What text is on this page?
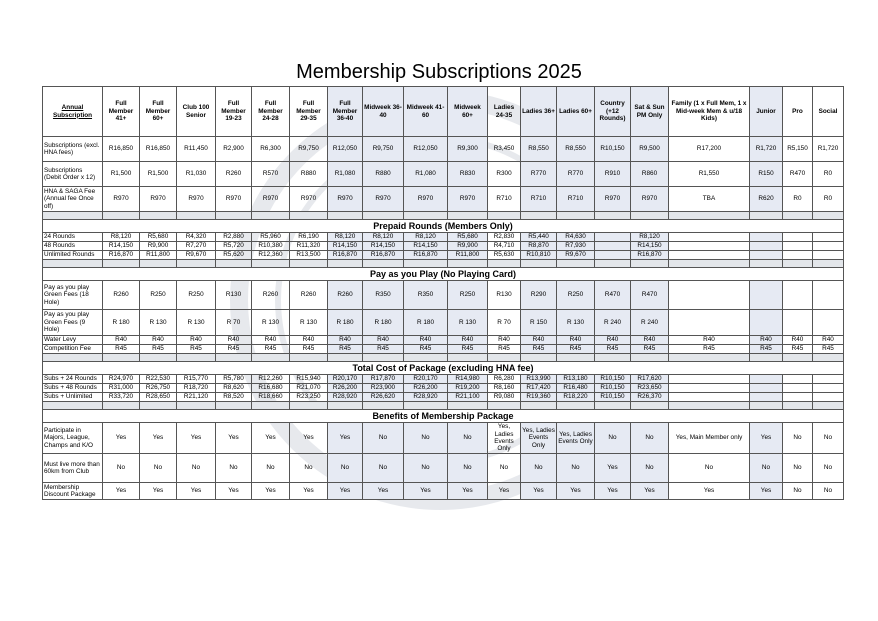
Membership Subscriptions 2025
Annual Subscription	Full Member 41+	Full Member 60+	Club 100 Senior	Full Member 19-23	Full Member 24-28	Full Member 29-35	Full Member 36-40	Midweek 36-40	Midweek 41-60	Midweek 60+	Ladies 24-35	Ladies 36+	Ladies 60+	Country (+12 Rounds)	Sat & Sun PM Only	Family (1 x Full Mem, 1 x Mid-week Mem & u/18 Kids)	Junior	Pro	Social
Subscriptions (excl. HNA fees)	R16,850	R16,850	R11,450	R2,900	R6,300	R9,750	R12,050	R9,750	R12,050	R9,300	R3,450	R8,550	R8,550	R10,150	R9,500	R17,200	R1,720	R5,150	R1,720
Subscriptions (Debit Order x 12)	R1,500	R1,500	R1,030	R260	R570	R880	R1,080	R880	R1,080	R830	R300	R770	R770	R910	R860	R1,550	R150	R470	R0
HNA & SAGA Fee (Annual fee Once off)	R970	R970	R970	R970	R970	R970	R970	R970	R970	R970	R710	R710	R710	R970	R970	TBA	R620	R0	R0

Prepaid Rounds (Members Only)																			
24 Rounds	R8,120	R5,680	R4,320	R2,880	R5,960	R6,190	R8,120	R8,120	R8,120	R5,680	R2,830	R5,440	R4,630		R8,120				
48 Rounds	R14,150	R9,900	R7,270	R5,720	R10,380	R11,320	R14,150	R14,150	R14,150	R9,900	R4,710	R8,870	R7,930		R14,150				
Unlimited Rounds	R16,870	R11,800	R9,670	R5,620	R12,360	R13,500	R16,870	R16,870	R16,870	R11,800	R5,630	R10,810	R9,670		R16,870				

Pay as you Play (No Playing Card)																			
Pay as you play Green Fees (18 Hole)	R260	R250	R250	R130	R260	R260	R260	R350	R350	R250	R130	R290	R250	R470	R470				
Pay as you play Green Fees (9 Hole)	R 180	R 130	R 130	R 70	R 130	R 130	R 180	R 180	R 180	R 130	R 70	R 150	R 130	R 240	R 240				
Water Levy	R40	R40	R40	R40	R40	R40	R40	R40	R40	R40	R40	R40	R40	R40	R40	R40	R40	R40	R40
Competition Fee	R45	R45	R45	R45	R45	R45	R45	R45	R45	R45	R45	R45	R45	R45	R45	R45	R45	R45	R45

Total Cost of Package (excluding HNA fee)																			
Subs + 24 Rounds	R24,970	R22,530	R15,770	R5,780	R12,260	R15,940	R20,170	R17,870	R20,170	R14,980	R6,280	R13,990	R13,180	R10,150	R17,620				
Subs + 48 Rounds	R31,000	R26,750	R18,720	R8,620	R16,680	R21,070	R26,200	R23,900	R26,200	R19,200	R8,160	R17,420	R16,480	R10,150	R23,650				
Subs + Unlimited	R33,720	R28,650	R21,120	R8,520	R18,660	R23,250	R28,920	R26,620	R28,920	R21,100	R9,080	R19,360	R18,220	R10,150	R26,370				

Benefits of Membership Package																			
Participate in Majors, League, Champs and K/O	Yes	Yes	Yes	Yes	Yes	Yes	Yes	No	No	No	Yes, Ladies Events Only	Yes, Ladies Events Only	Yes, Ladies Events Only	No	No	Yes, Main Member only	Yes	No	No
Must live more than 60km from Club	No	No	No	No	No	No	No	No	No	No	No	No	No	Yes	No	No	No	No	No
Membership Discount Package	Yes	Yes	Yes	Yes	Yes	Yes	Yes	Yes	Yes	Yes	Yes	Yes	Yes	Yes	Yes	Yes	Yes	No	No
